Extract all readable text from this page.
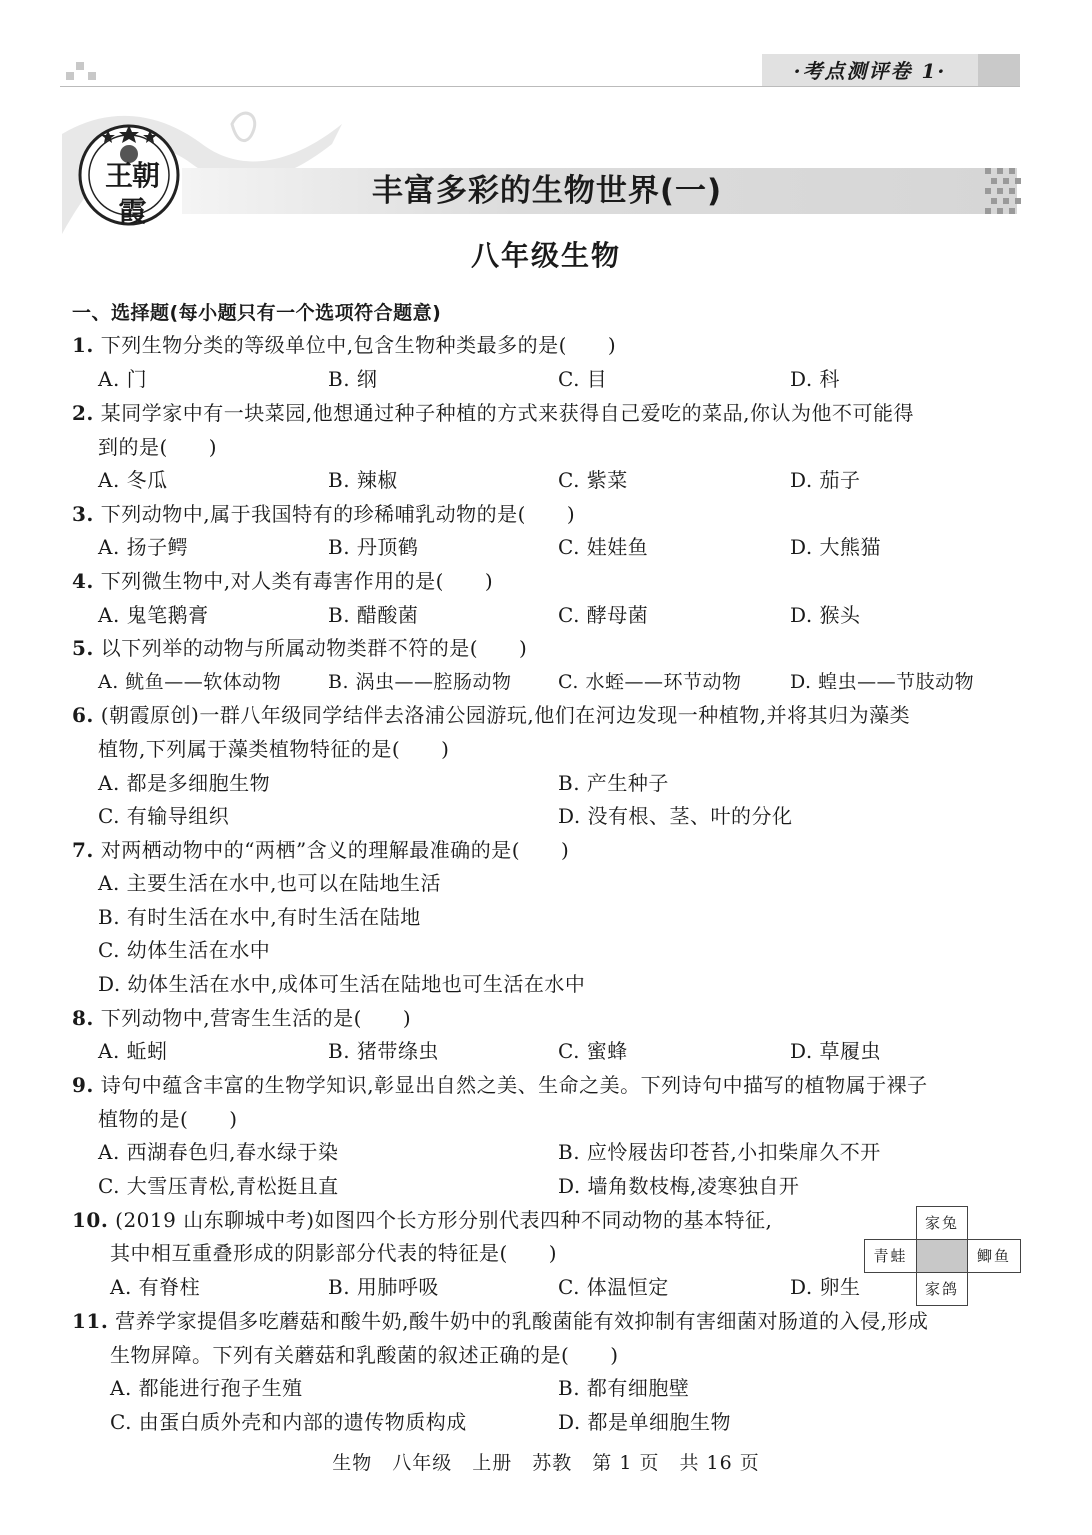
·考点测评卷 1·
王朝霞
丰富多彩的生物世界(一)
八年级生物
一、选择题(每小题只有一个选项符合题意)
1. 下列生物分类的等级单位中,包含生物种类最多的是(　　)
A. 门	B. 纲	C. 目	D. 科
2. 某同学家中有一块菜园,他想通过种子种植的方式来获得自己爱吃的菜品,你认为他不可能得
到的是(　　)
A. 冬瓜	B. 辣椒	C. 紫菜	D. 茄子
3. 下列动物中,属于我国特有的珍稀哺乳动物的是(　　)
A. 扬子鳄	B. 丹顶鹤	C. 娃娃鱼	D. 大熊猫
4. 下列微生物中,对人类有毒害作用的是(　　)
A. 鬼笔鹅膏	B. 醋酸菌	C. 酵母菌	D. 猴头
5. 以下列举的动物与所属动物类群不符的是(　　)
A. 鱿鱼——软体动物 B. 涡虫——腔肠动物 C. 水蛭——环节动物	D. 蝗虫——节肢动物
6. (朝霞原创)一群八年级同学结伴去洛浦公园游玩,他们在河边发现一种植物,并将其归为藻类
植物,下列属于藻类植物特征的是(　　)
A. 都是多细胞生物	B. 产生种子
C. 有输导组织	D. 没有根、茎、叶的分化
7. 对两栖动物中的“两栖”含义的理解最准确的是(　　)
A. 主要生活在水中,也可以在陆地生活
B. 有时生活在水中,有时生活在陆地
C. 幼体生活在水中
D. 幼体生活在水中,成体可生活在陆地也可生活在水中
8. 下列动物中,营寄生生活的是(　　)
A. 蚯蚓	B. 猪带绦虫	C. 蜜蜂	D. 草履虫
9. 诗句中蕴含丰富的生物学知识,彰显出自然之美、生命之美。下列诗句中描写的植物属于裸子
植物的是(　　)
A. 西湖春色归,春水绿于染	B. 应怜屐齿印苍苔,小扣柴扉久不开
C. 大雪压青松,青松挺且直	D. 墙角数枝梅,凌寒独自开
10. (2019 山东聊城中考)如图四个长方形分别代表四种不同动物的基本特征,
其中相互重叠形成的阴影部分代表的特征是(　　)
A. 有脊柱	B. 用肺呼吸	C. 体温恒定	D. 卵生
家兔
青蛙	鲫鱼
家鸽
11. 营养学家提倡多吃蘑菇和酸牛奶,酸牛奶中的乳酸菌能有效抑制有害细菌对肠道的入侵,形成
生物屏障。下列有关蘑菇和乳酸菌的叙述正确的是(　　)
A. 都能进行孢子生殖	B. 都有细胞壁
C. 由蛋白质外壳和内部的遗传物质构成	D. 都是单细胞生物
生物　八年级　上册　苏教　第 1 页　共 16 页
